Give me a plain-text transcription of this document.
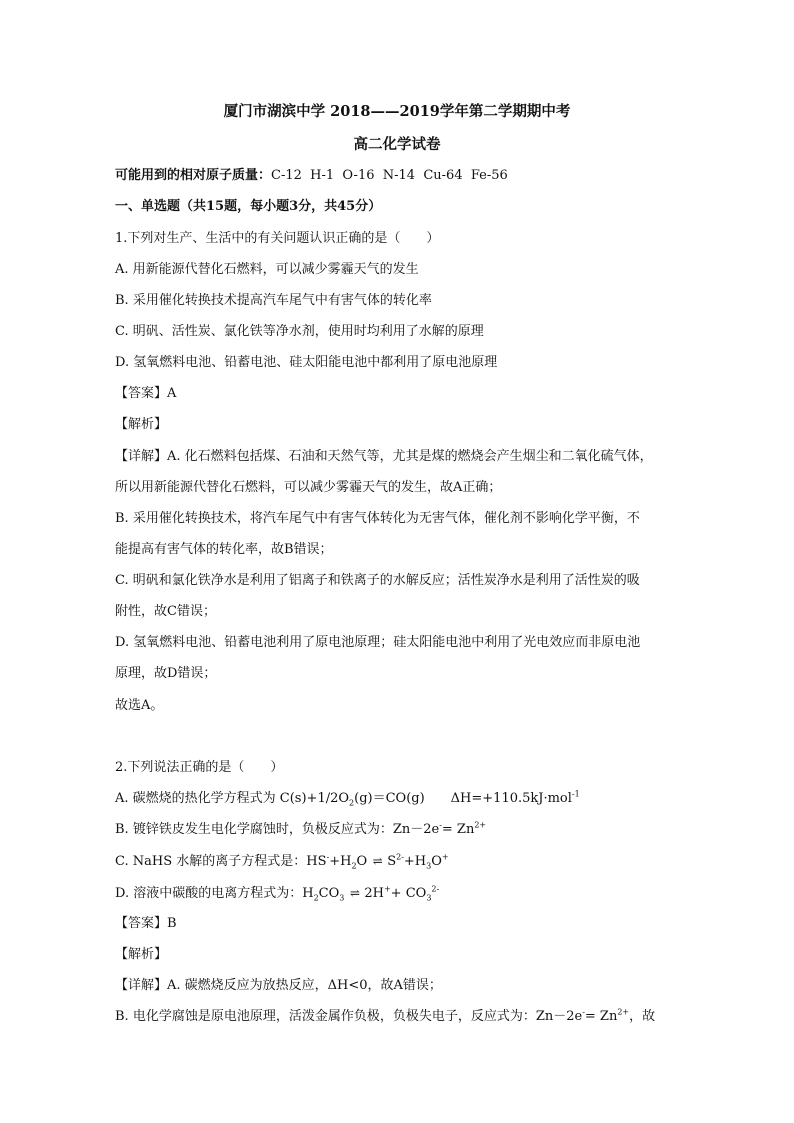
厦门市湖滨中学 2018——2019学年第二学期期中考
高二化学试卷
可能用到的相对原子质量：C-12  H-1  O-16  N-14  Cu-64  Fe-56
一、单选题（共15题，每小题3分，共45分）
1.下列对生产、生活中的有关问题认识正确的是（　　）
A. 用新能源代替化石燃料，可以减少雾霾天气的发生
B. 采用催化转换技术提高汽车尾气中有害气体的转化率
C. 明矾、活性炭、氯化铁等净水剂，使用时均利用了水解的原理
D. 氢氧燃料电池、铅蓄电池、硅太阳能电池中都利用了原电池原理
【答案】A
【解析】
【详解】A. 化石燃料包括煤、石油和天然气等，尤其是煤的燃烧会产生烟尘和二氧化硫气体，
所以用新能源代替化石燃料，可以减少雾霾天气的发生，故A正确；
B. 采用催化转换技术，将汽车尾气中有害气体转化为无害气体，催化剂不影响化学平衡，不
能提高有害气体的转化率，故B错误；
C. 明矾和氯化铁净水是利用了铝离子和铁离子的水解反应；活性炭净水是利用了活性炭的吸
附性，故C错误；
D. 氢氧燃料电池、铅蓄电池利用了原电池原理；硅太阳能电池中利用了光电效应而非原电池
原理，故D错误；
故选A。
2.下列说法正确的是（　　）
A. 碳燃烧的热化学方程式为 $C(s)+1/2O_2(g)=CO(g)$　　ΔH=+110.5kJ·mol$^{-1}$
B. 镀锌铁皮发生电化学腐蚀时，负极反应式为：$Zn-2e^-= Zn^{2+}$
C. NaHS 水解的离子方程式是：$HS^-+H_2O$ ⇌ $S^{2-}+H_3O^+$
D. 溶液中碳酸的电离方程式为：$H_2CO_3$ ⇌ $2H^++ CO_3^{2-}$
【答案】B
【解析】
【详解】A. 碳燃烧反应为放热反应，ΔH<0，故A错误；
B. 电化学腐蚀是原电池原理，活泼金属作负极，负极失电子，反应式为：$Zn-2e^-= Zn^{2+}$，故
